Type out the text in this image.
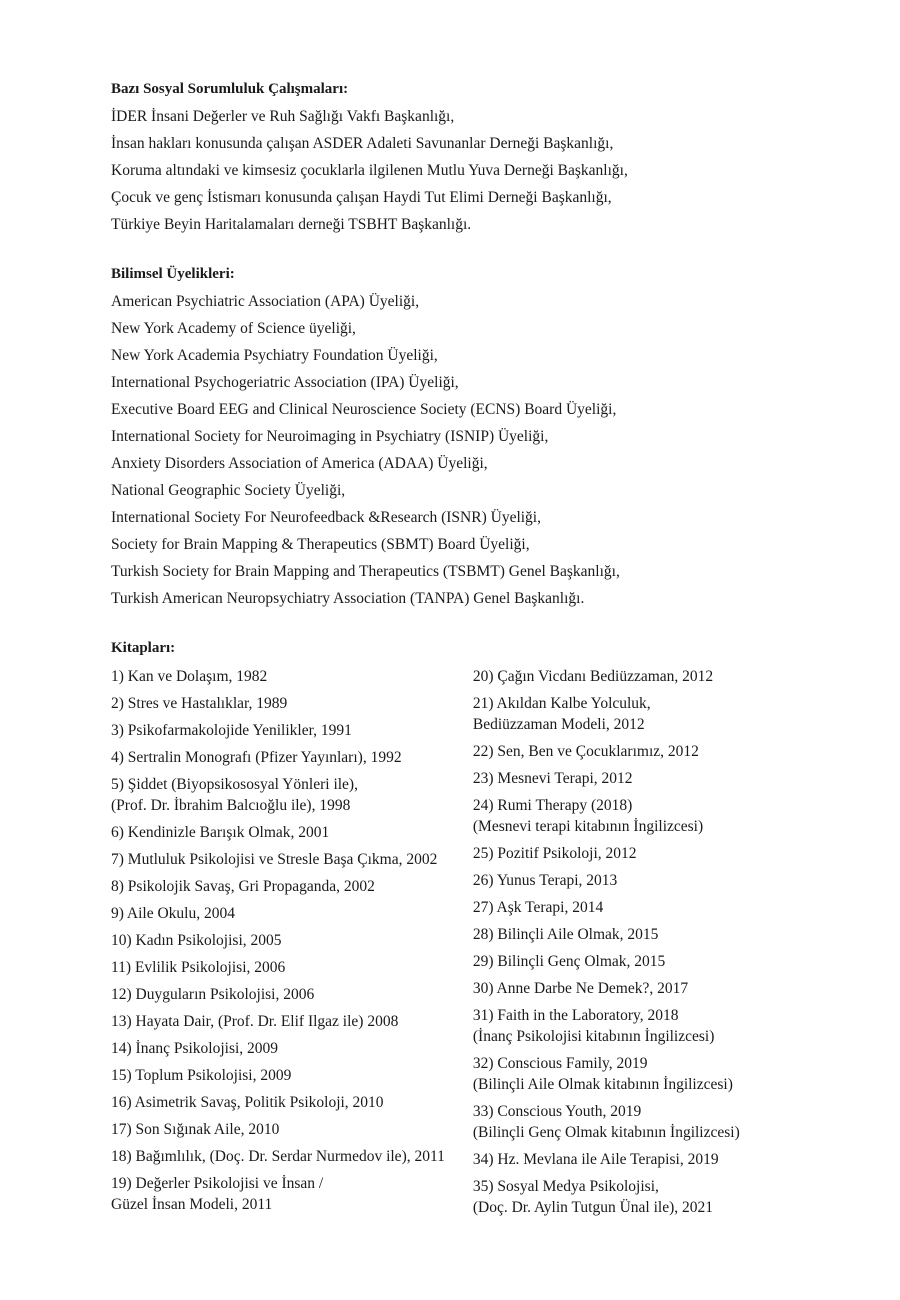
Bazı Sosyal Sorumluluk Çalışmaları:
İDER İnsani Değerler ve Ruh Sağlığı Vakfı Başkanlığı,
İnsan hakları konusunda çalışan ASDER Adaleti Savunanlar Derneği Başkanlığı,
Koruma altındaki ve kimsesiz çocuklarla ilgilenen Mutlu Yuva Derneği Başkanlığı,
Çocuk ve genç İstismarı konusunda çalışan Haydi Tut Elimi Derneği Başkanlığı,
Türkiye Beyin Haritalamaları derneği TSBHT Başkanlığı.
Bilimsel Üyelikleri:
American Psychiatric Association (APA) Üyeliği,
New York Academy of Science üyeliği,
New York Academia Psychiatry Foundation Üyeliği,
International Psychogeriatric Association (IPA) Üyeliği,
Executive Board EEG and Clinical Neuroscience Society (ECNS) Board Üyeliği,
International Society for Neuroimaging in Psychiatry (ISNIP) Üyeliği,
Anxiety Disorders Association of America (ADAA) Üyeliği,
National Geographic Society Üyeliği,
International Society For Neurofeedback &Research (ISNR) Üyeliği,
Society for Brain Mapping & Therapeutics (SBMT) Board Üyeliği,
Turkish Society for Brain Mapping and Therapeutics (TSBMT) Genel Başkanlığı,
Turkish American Neuropsychiatry Association (TANPA) Genel Başkanlığı.
Kitapları:
1) Kan ve Dolaşım, 1982
2) Stres ve Hastalıklar, 1989
3) Psikofarmakolojide Yenilikler, 1991
4) Sertralin Monografı (Pfizer Yayınları), 1992
5) Şiddet (Biyopsikososyal Yönleri ile),
(Prof. Dr. İbrahim Balcıoğlu ile), 1998
6) Kendinizle Barışık Olmak, 2001
7) Mutluluk Psikolojisi ve Stresle Başa Çıkma, 2002
8) Psikolojik Savaş, Gri Propaganda, 2002
9) Aile Okulu, 2004
10) Kadın Psikolojisi, 2005
11) Evlilik Psikolojisi, 2006
12) Duyguların Psikolojisi, 2006
13) Hayata Dair, (Prof. Dr. Elif Ilgaz ile) 2008
14) İnanç Psikolojisi, 2009
15) Toplum Psikolojisi, 2009
16) Asimetrik Savaş, Politik Psikoloji, 2010
17) Son Sığınak Aile, 2010
18) Bağımlılık, (Doç. Dr. Serdar Nurmedov ile), 2011
19) Değerler Psikolojisi ve İnsan /
Güzel İnsan Modeli, 2011
20) Çağın Vicdanı Bediüzzaman, 2012
21) Akıldan Kalbe Yolculuk,
Bediüzzaman Modeli, 2012
22) Sen, Ben ve Çocuklarımız, 2012
23) Mesnevi Terapi, 2012
24) Rumi Therapy (2018)
(Mesnevi terapi kitabının İngilizcesi)
25) Pozitif Psikoloji, 2012
26) Yunus Terapi, 2013
27) Aşk Terapi, 2014
28) Bilinçli Aile Olmak, 2015
29) Bilinçli Genç Olmak, 2015
30) Anne Darbe Ne Demek?, 2017
31) Faith in the Laboratory, 2018
(İnanç Psikolojisi kitabının İngilizcesi)
32) Conscious Family, 2019
(Bilinçli Aile Olmak kitabının İngilizcesi)
33) Conscious Youth, 2019
(Bilinçli Genç Olmak kitabının İngilizcesi)
34) Hz. Mevlana ile Aile Terapisi, 2019
35) Sosyal Medya Psikolojisi,
(Doç. Dr. Aylin Tutgun Ünal ile), 2021
